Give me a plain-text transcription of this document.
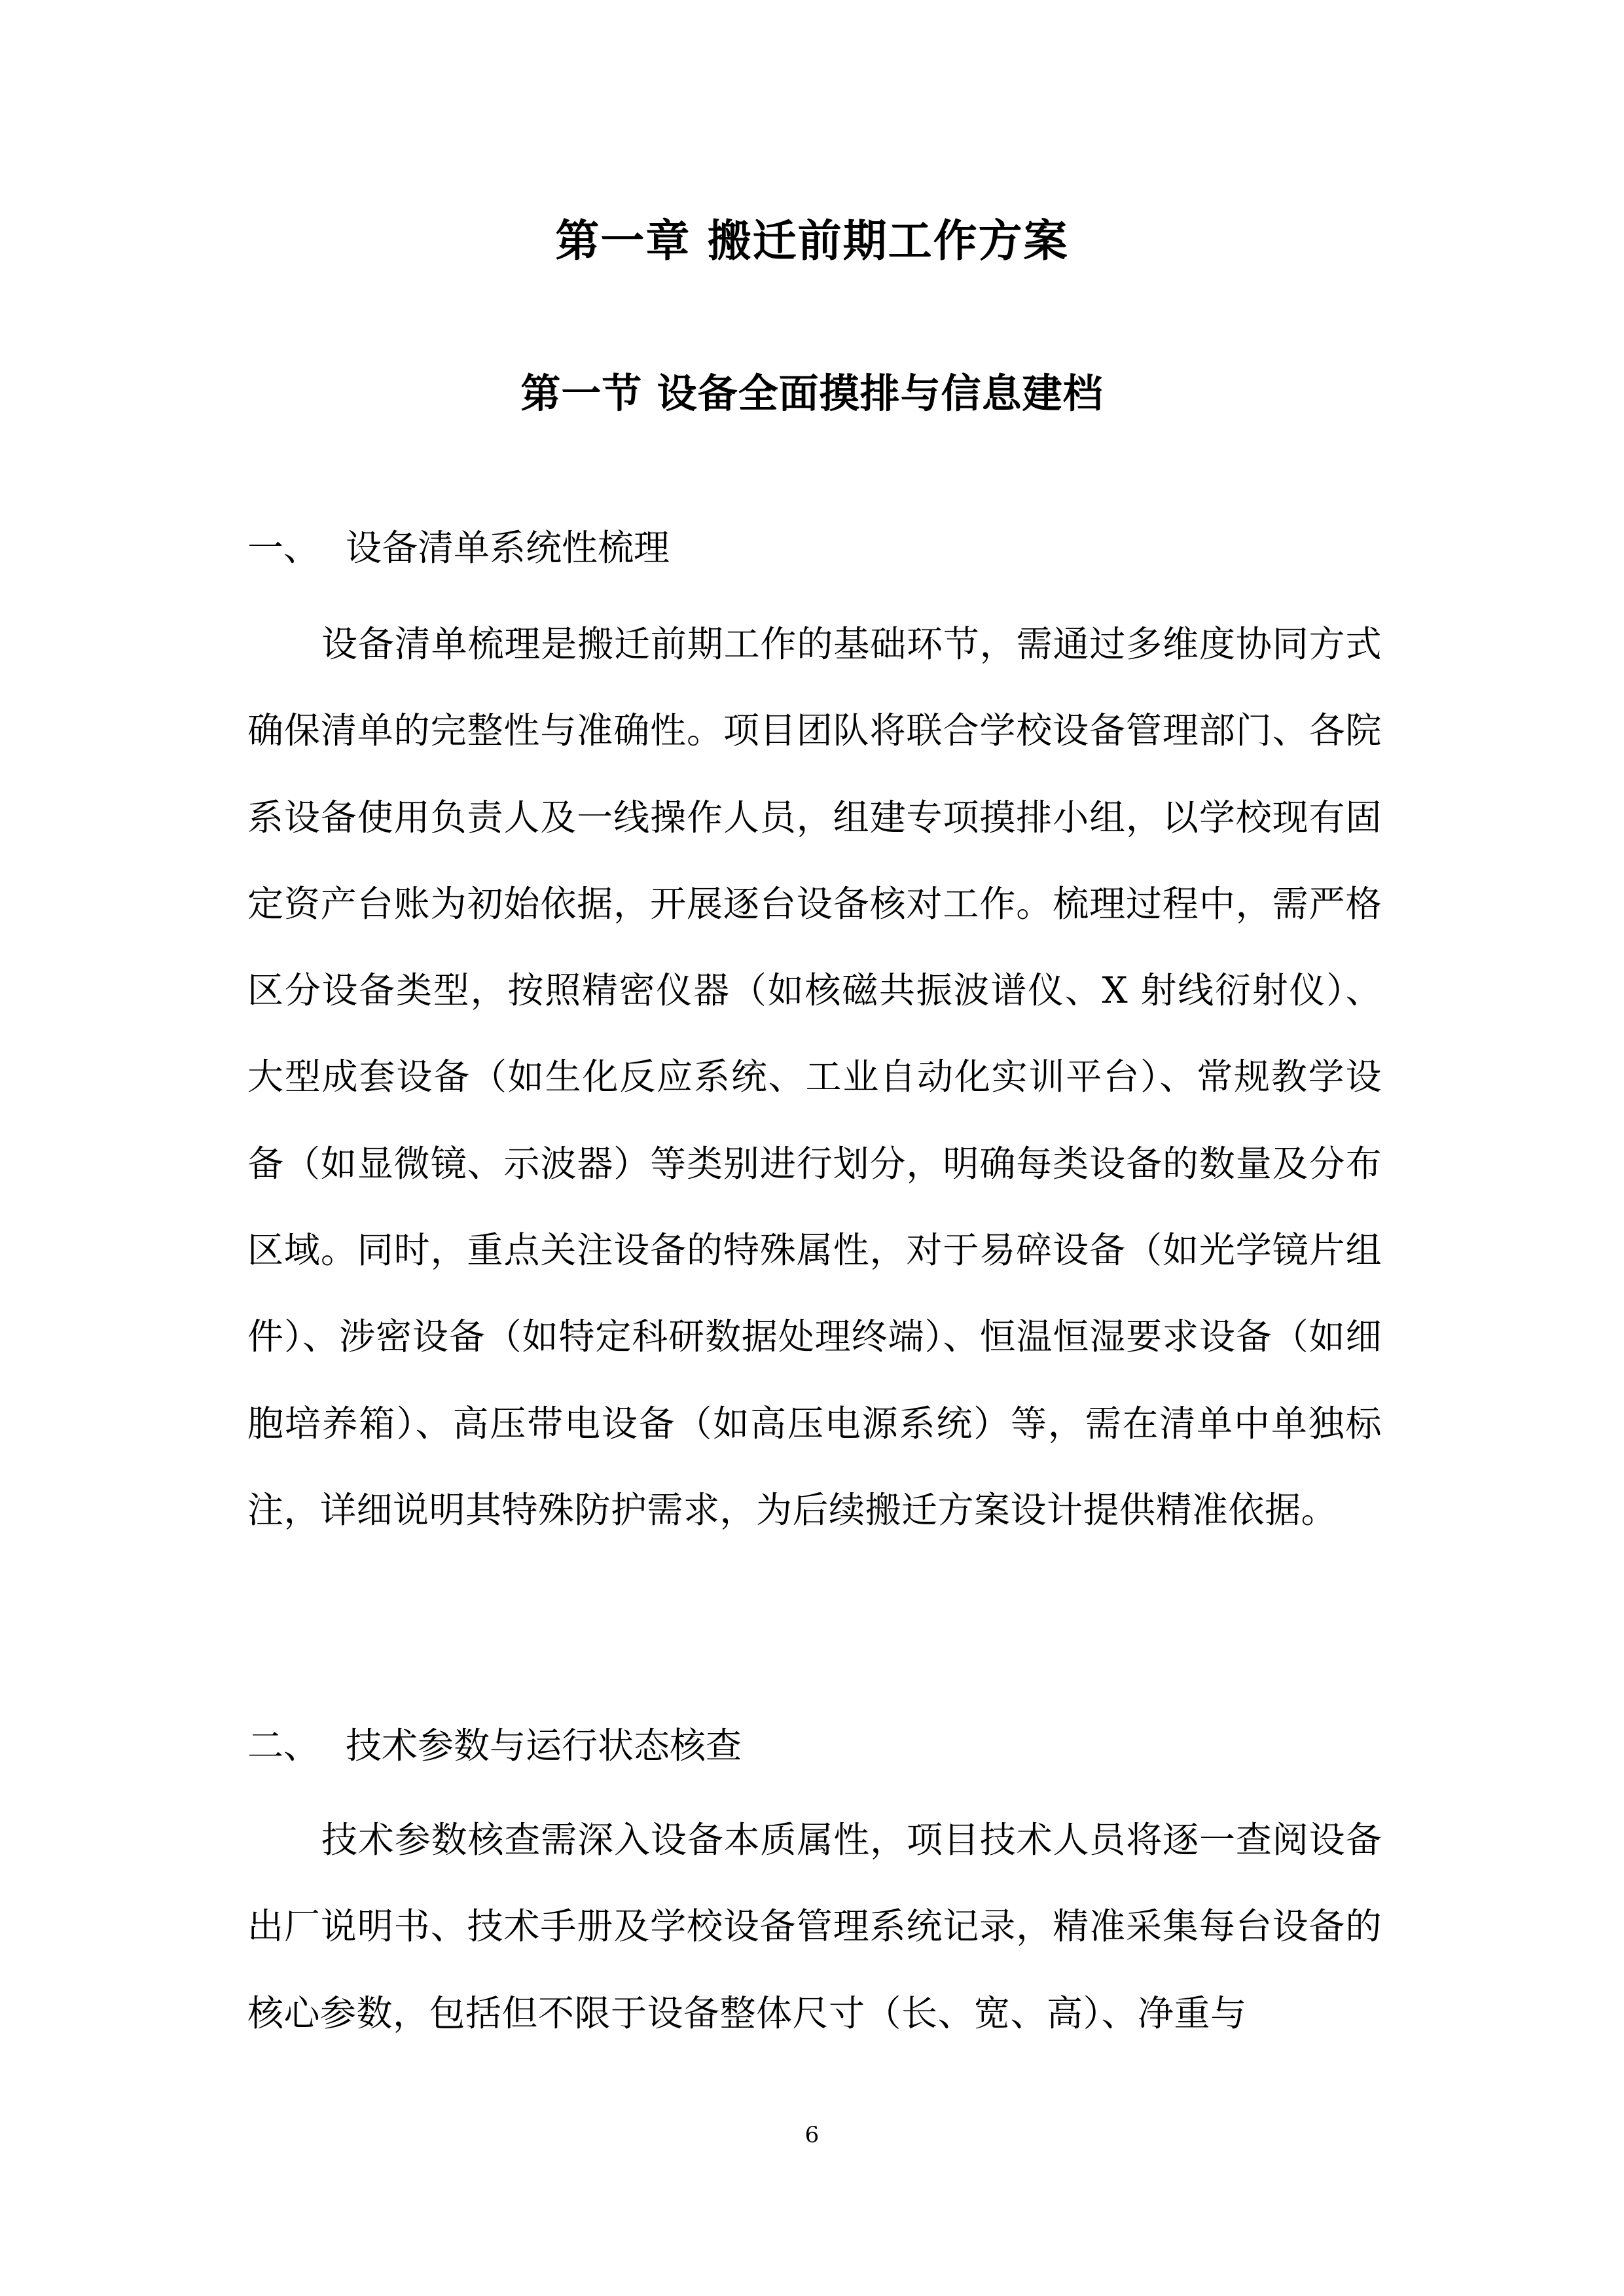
第一章 搬迁前期工作方案
第一节 设备全面摸排与信息建档

一、 设备清单系统性梳理

设备清单梳理是搬迁前期工作的基础环节，需通过多维度协同方式确保清单的完整性与准确性。项目团队将联合学校设备管理部门、各院系设备使用负责人及一线操作人员，组建专项摸排小组，以学校现有固定资产台账为初始依据，开展逐台设备核对工作。梳理过程中，需严格区分设备类型，按照精密仪器（如核磁共振波谱仪、X 射线衍射仪）、大型成套设备（如生化反应系统、工业自动化实训平台）、常规教学设备（如显微镜、示波器）等类别进行划分，明确每类设备的数量及分布区域。同时，重点关注设备的特殊属性，对于易碎设备（如光学镜片组件）、涉密设备（如特定科研数据处理终端）、恒温恒湿要求设备（如细胞培养箱）、高压带电设备（如高压电源系统）等，需在清单中单独标注，详细说明其特殊防护需求，为后续搬迁方案设计提供精准依据。

二、 技术参数与运行状态核查

技术参数核查需深入设备本质属性，项目技术人员将逐一查阅设备出厂说明书、技术手册及学校设备管理系统记录，精准采集每台设备的核心参数，包括但不限于设备整体尺寸（长、宽、高）、净重与

6
